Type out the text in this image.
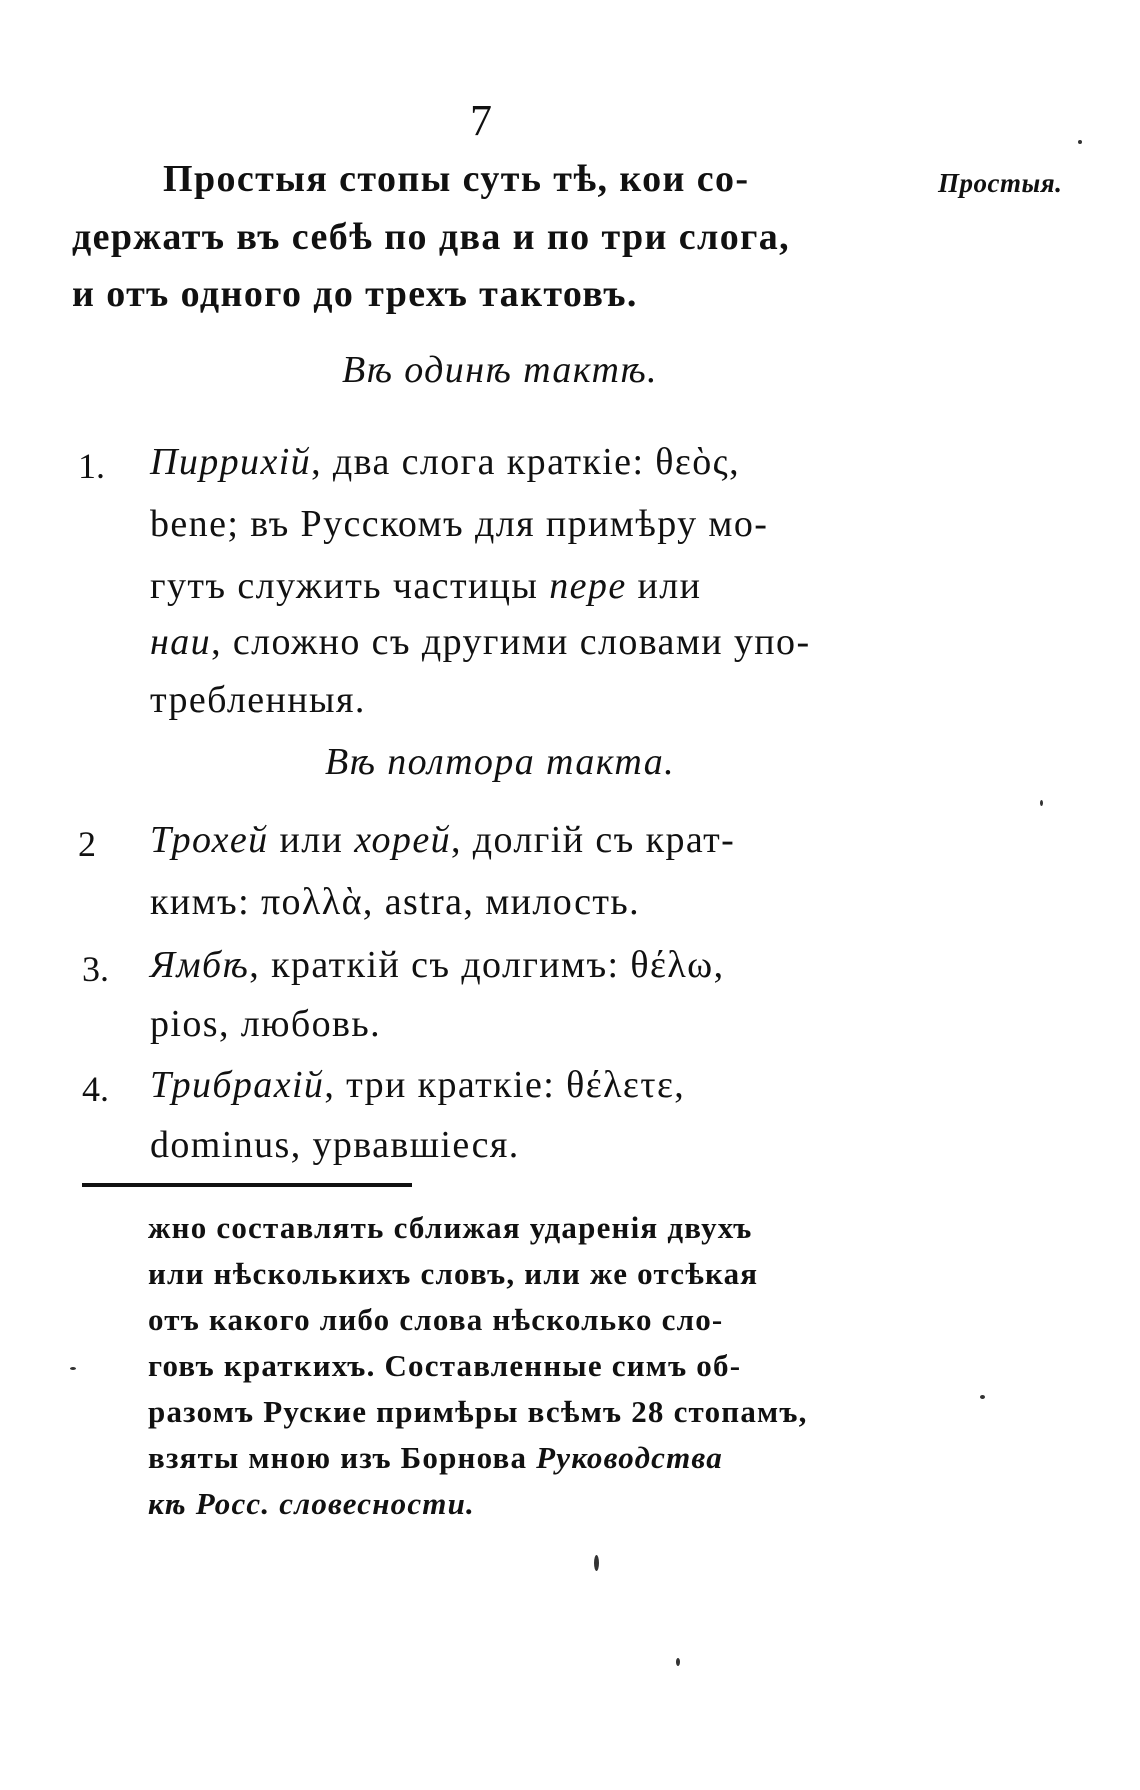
7
Простыя.
Простыя стопы суть тѣ, кои со-
держатъ въ себѣ по два и по три слога,
и отъ одного до трехъ тактовъ.
Вѣ одинѣ тактѣ.
1. Пиррихій, два слога краткіе: θεὸς,
bene; въ Русскомъ для примѣру мо-
гутъ служить частицы пере или
наи, сложно съ другими словами упо-
требленныя.
Вѣ полтора такта.
2 Трохей или хорей, долгій съ крат-
кимъ: πολλὰ, astra, милость.
3. Ямбѣ, краткій съ долгимъ: θέλω,
pios, любовь.
4. Трибрахій, три краткіе: θέλετε,
dominus, урвавшіеся.
жно составлять сближая ударенія двухъ
или нѣсколькихъ словъ, или же отсѣкая
отъ какого либо слова нѣсколько сло-
говъ краткихъ. Составленные симъ об-
разомъ Руские примѣры всѣмъ 28 стопамъ,
взяты мною изъ Борнова Руководства
кѣ Росс. словесности.
